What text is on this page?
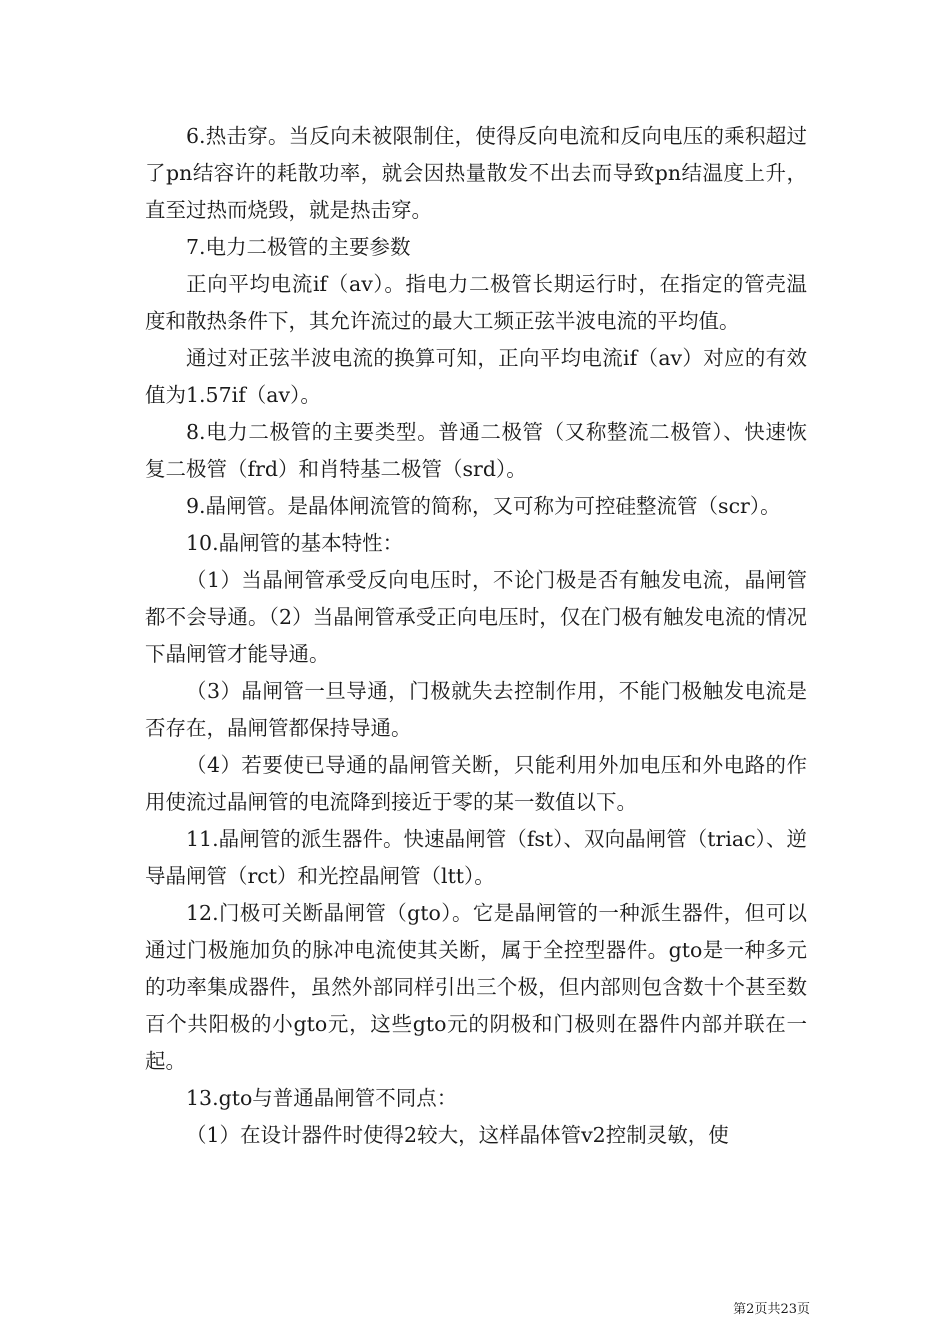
6.热击穿。当反向未被限制住，使得反向电流和反向电压的乘积超过了pn结容许的耗散功率，就会因热量散发不出去而导致pn结温度上升，直至过热而烧毁，就是热击穿。

7.电力二极管的主要参数

正向平均电流if（av）。指电力二极管长期运行时，在指定的管壳温度和散热条件下，其允许流过的最大工频正弦半波电流的平均值。

通过对正弦半波电流的换算可知，正向平均电流if（av）对应的有效值为1.57if（av）。

8.电力二极管的主要类型。普通二极管（又称整流二极管）、快速恢复二极管（frd）和肖特基二极管（srd）。

9.晶闸管。是晶体闸流管的简称，又可称为可控硅整流管（scr）。

10.晶闸管的基本特性：

（1）当晶闸管承受反向电压时，不论门极是否有触发电流，晶闸管都不会导通。（2）当晶闸管承受正向电压时，仅在门极有触发电流的情况下晶闸管才能导通。

（3）晶闸管一旦导通，门极就失去控制作用，不能门极触发电流是否存在，晶闸管都保持导通。

（4）若要使已导通的晶闸管关断，只能利用外加电压和外电路的作用使流过晶闸管的电流降到接近于零的某一数值以下。

11.晶闸管的派生器件。快速晶闸管（fst）、双向晶闸管（triac）、逆导晶闸管（rct）和光控晶闸管（ltt）。

12.门极可关断晶闸管（gto）。它是晶闸管的一种派生器件，但可以通过门极施加负的脉冲电流使其关断，属于全控型器件。gto是一种多元的功率集成器件，虽然外部同样引出三个极，但内部则包含数十个甚至数百个共阳极的小gto元，这些gto元的阴极和门极则在器件内部并联在一起。

13.gto与普通晶闸管不同点：

（1）在设计器件时使得2较大，这样晶体管v2控制灵敏，使

第2页共23页
